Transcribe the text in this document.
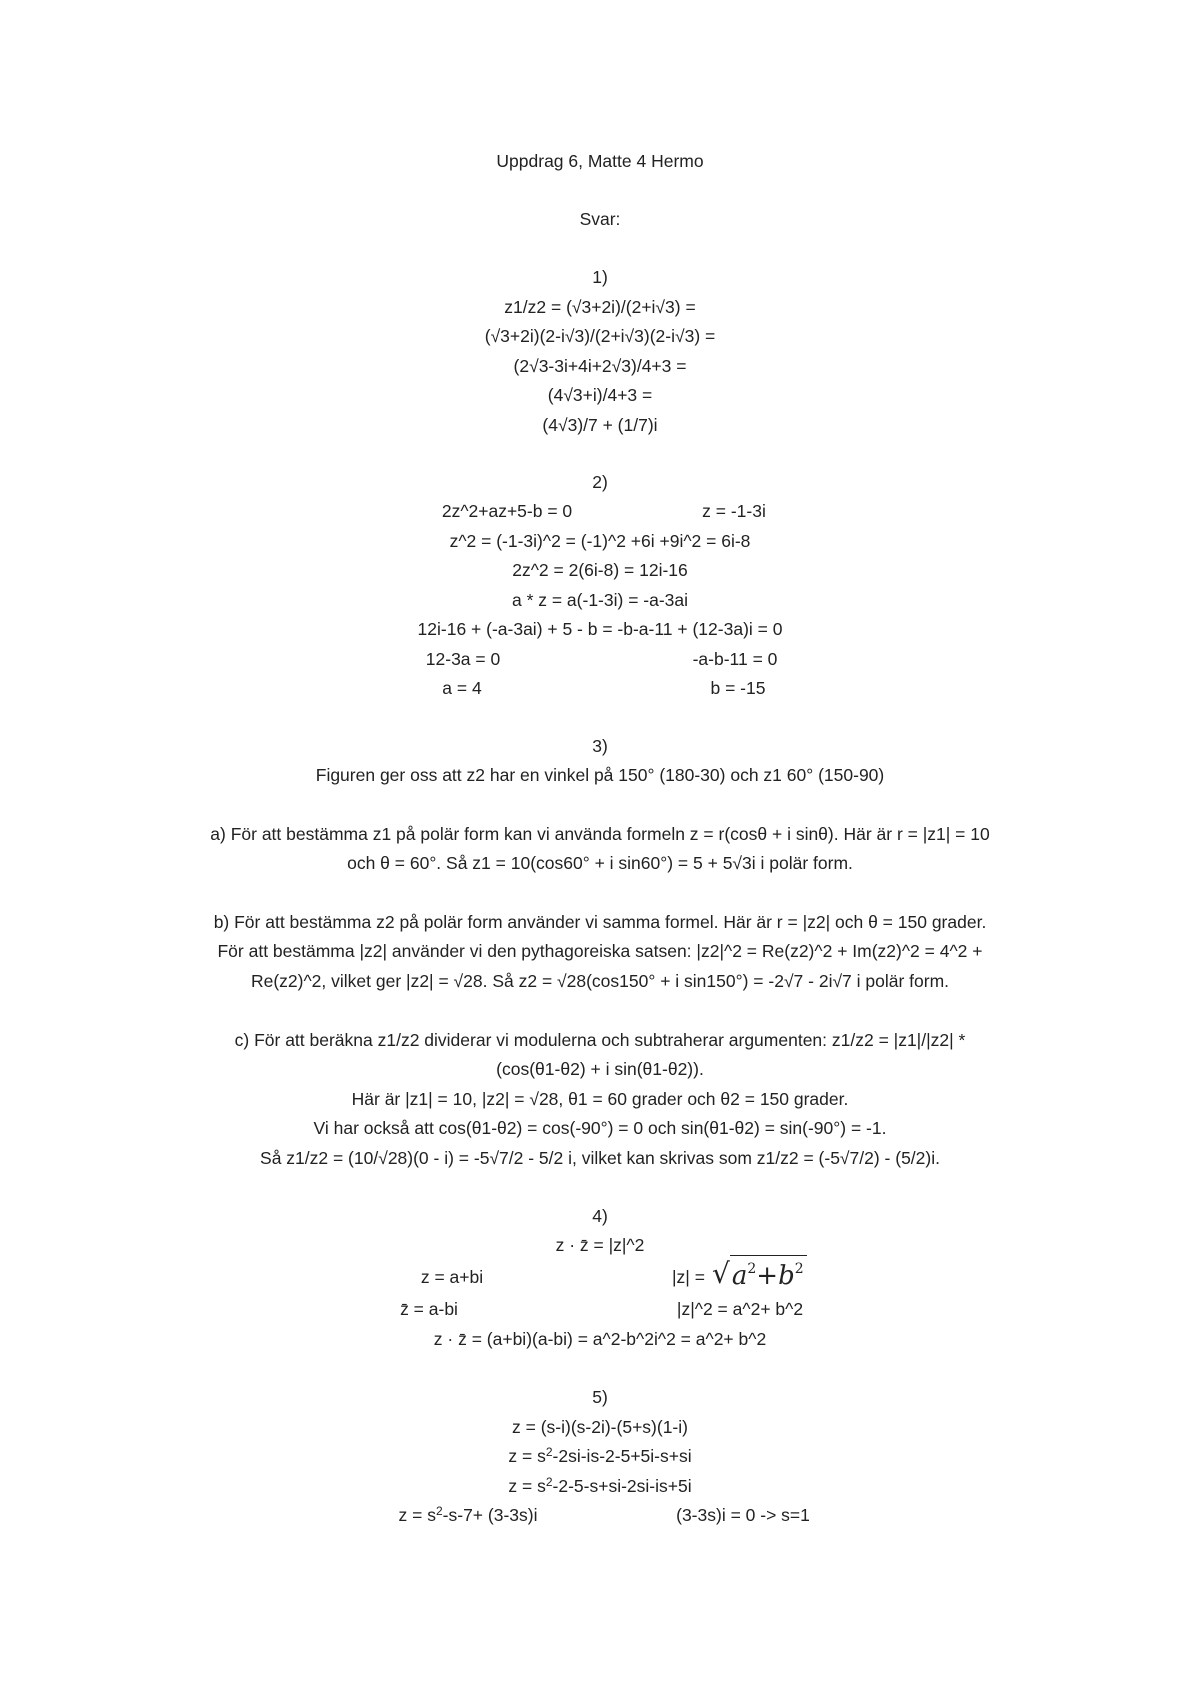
Uppdrag 6, Matte 4 Hermo
Svar:
1)
z1/z2 = (√3+2i)/(2+i√3) =
(√3+2i)(2-i√3)/(2+i√3)(2-i√3) =
(2√3-3i+4i+2√3)/4+3 =
(4√3+i)/4+3 =
(4√3)/7 + (1/7)i
2)
2z^2+az+5-b = 0	z = -1-3i
z^2 = (-1-3i)^2 = (-1)^2 +6i +9i^2 = 6i-8
2z^2 = 2(6i-8) = 12i-16
a * z = a(-1-3i) = -a-3ai
12i-16 + (-a-3ai) + 5 - b = -b-a-11 + (12-3a)i = 0
12-3a = 0	-a-b-11 = 0
a = 4	b = -15
3)
Figuren ger oss att z2 har en vinkel på 150° (180-30) och z1 60° (150-90)
a) För att bestämma z1 på polär form kan vi använda formeln z = r(cosθ + i sinθ). Här är r = |z1| = 10
och θ = 60°. Så z1 = 10(cos60° + i sin60°) = 5 + 5√3i i polär form.
b) För att bestämma z2 på polär form använder vi samma formel. Här är r = |z2| och θ = 150 grader.
För att bestämma |z2| använder vi den pythagoreiska satsen: |z2|^2 = Re(z2)^2 + Im(z2)^2 = 4^2 +
Re(z2)^2, vilket ger |z2| = √28. Så z2 = √28(cos150° + i sin150°) = -2√7 - 2i√7 i polär form.
c) För att beräkna z1/z2 dividerar vi modulerna och subtraherar argumenten: z1/z2 = |z1|/|z2| *
(cos(θ1-θ2) + i sin(θ1-θ2)).
Här är |z1| = 10, |z2| = √28, θ1 = 60 grader och θ2 = 150 grader.
Vi har också att cos(θ1-θ2) = cos(-90°) = 0 och sin(θ1-θ2) = sin(-90°) = -1.
Så z1/z2 = (10/√28)(0 - i) = -5√7/2 - 5/2 i, vilket kan skrivas som z1/z2 = (-5√7/2) - (5/2)i.
4)
z · z̄ = |z|^2
z = a+bi	|z| = √ $a^2+b^2$
z̄ = a-bi	|z|^2 = a^2+ b^2
z · z̄ = (a+bi)(a-bi) = a^2-b^2i^2 = a^2+ b^2
5)
z = (s-i)(s-2i)-(5+s)(1-i)
$z = s^2-2si-is-2-5+5i-s+si$
$z = s^2-2-5-s+si-2si-is+5i$
$z = s^2-s-7+ (3-3s)i$	(3-3s)i = 0 -> s=1
